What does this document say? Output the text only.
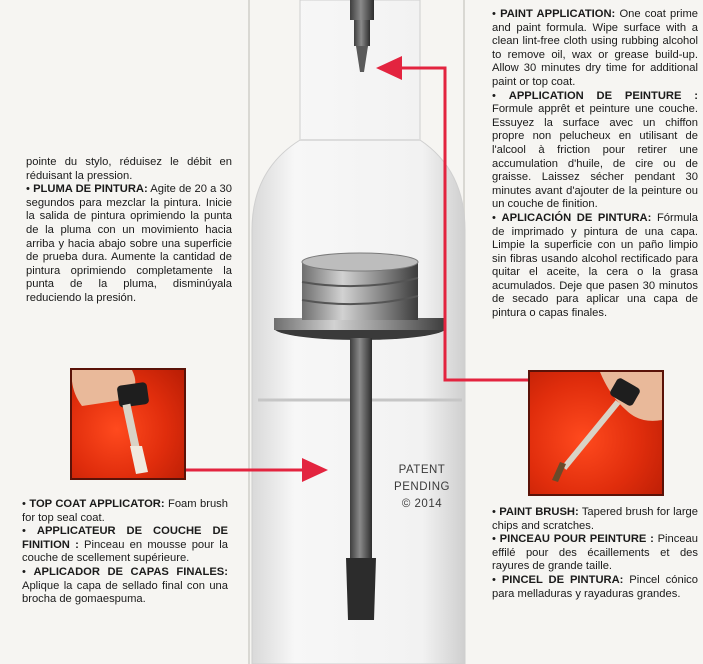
pointe du stylo, réduisez le débit en réduisant la pression.

• PLUMA DE PINTURA: Agite de 20 a 30 segundos para mezclar la pintura. Inicie la salida de pintura oprimiendo la punta de la pluma con un movimiento hacia arriba y hacia abajo sobre una superficie de prueba dura. Aumente la cantidad de pintura oprimiendo completamente la punta de la pluma, disminúyala reduciendo la presión.

• TOP COAT APPLICATOR: Foam brush for top seal coat.

• APPLICATEUR DE COUCHE DE FINITION : Pinceau en mousse pour la couche de scellement supérieure.

• APLICADOR DE CAPAS FINALES: Aplique la capa de sellado final con una brocha de gomaespuma.

PATENT
PENDING
© 2014

• PAINT APPLICATION: One coat prime and paint formula. Wipe surface with a clean lint-free cloth using rubbing alcohol to remove oil, wax or grease build-up. Allow 30 minutes dry time for additional paint or top coat.

• APPLICATION DE PEINTURE : Formule apprêt et peinture une couche. Essuyez la surface avec un chiffon propre non pelucheux en utilisant de l'alcool à friction pour retirer une accumulation d'huile, de cire ou de graisse. Laissez sécher pendant 30 minutes avant d'ajouter de la peinture ou un couche de finition.

• APLICACIÓN DE PINTURA: Fórmula de imprimado y pintura de una capa. Limpie la superficie con un paño limpio sin fibras usando alcohol rectificado para quitar el aceite, la cera o la grasa acumulados. Deje que pasen 30 minutos de secado para aplicar una capa de pintura o capas finales.

• PAINT BRUSH: Tapered brush for large chips and scratches.

• PINCEAU POUR PEINTURE : Pinceau effilé pour des écaillements et des rayures de grande taille.

• PINCEL DE PINTURA: Pincel cónico para melladuras y rayaduras grandes.
